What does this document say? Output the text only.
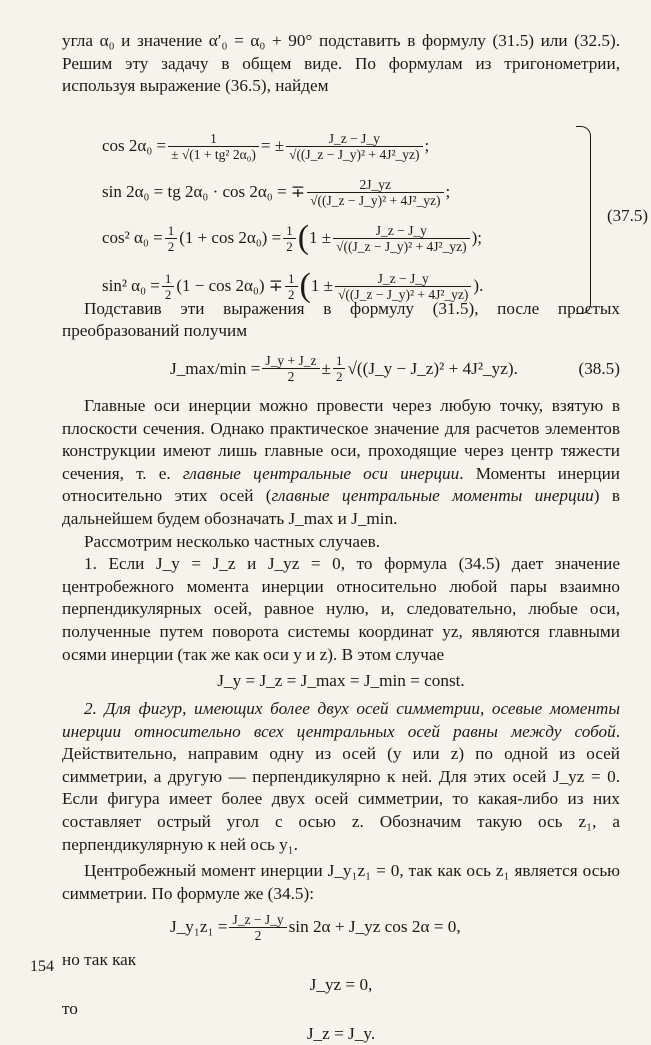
угла α₀ и значение α′₀ = α₀ + 90° подставить в формулу (31.5) или (32.5). Решим эту задачу в общем виде. По формулам из тригонометрии, используя выражение (36.5), найдем

$\cos 2\alpha_0 = \frac{1}{\text{± √(1 + tg² 2α₀)}}$ = ± $\frac{J\_z - J\_y}{\text{√((J\_z − J\_y)² + 4J²\_yz)}}$ ;
sin 2α₀ = tg 2α₀ · cos 2α₀ = ∓ $\frac{2J\_yz}{\text{√((J\_z − J\_y)² + 4J²\_yz)}}$ ;
cos² $\alpha_0 = \frac{1}{2} (1 + \cos 2\alpha_0) = \frac{1}{2}$ ( $1 \pm \frac{J\_z - J\_y}{\text{√((J\_z − J\_y)² + 4J²\_yz)}}$ );
sin² $\alpha_0 = \frac{1}{2} (1 - \cos 2\alpha_0) \mp \frac{1}{2}$ ( $1 \pm \frac{J\_z - J\_y}{\text{√((J\_z − J\_y)² + 4J²\_yz)}}$ ).
(37.5)

Подставив эти выражения в формулу (31.5), после простых преобразований получим

J_max/min = $\frac{J\_y + J\_z}{2} \pm \frac{1}{2}$ √((J_y − J_z)² + 4J²_yz).	(38.5)

Главные оси инерции можно провести через любую точку, взятую в плоскости сечения. Однако практическое значение для расчетов элементов конструкции имеют лишь главные оси, проходящие через центр тяжести сечения, т. е. главные центральные оси инерции. Моменты инерции относительно этих осей (главные центральные моменты инерции) в дальнейшем будем обозначать J_max и J_min.

Рассмотрим несколько частных случаев.

1. Если J_y = J_z и J_yz = 0, то формула (34.5) дает значение центробежного момента инерции относительно любой пары взаимно перпендикулярных осей, равное нулю, и, следовательно, любые оси, полученные путем поворота системы координат yz, являются главными осями инерции (так же как оси y и z). В этом случае

J_y = J_z = J_max = J_min = const.

2. Для фигур, имеющих более двух осей симметрии, осевые моменты инерции относительно всех центральных осей равны между собой. Действительно, направим одну из осей (y или z) по одной из осей симметрии, а другую — перпендикулярно к ней. Для этих осей J_yz = 0. Если фигура имеет более двух осей симметрии, то какая-либо из них составляет острый угол с осью z. Обозначим такую ось z₁, а перпендикулярную к ней ось y₁.

Центробежный момент инерции J_y₁z₁ = 0, так как ось z₁ является осью симметрии. По формуле же (34.5):

J_y₁z₁ = $\frac{J\_z - J\_y}{2}$ sin 2α + J_yz cos 2α = 0,

но так как

J_yz = 0,

то

J_z = J_y.
154
